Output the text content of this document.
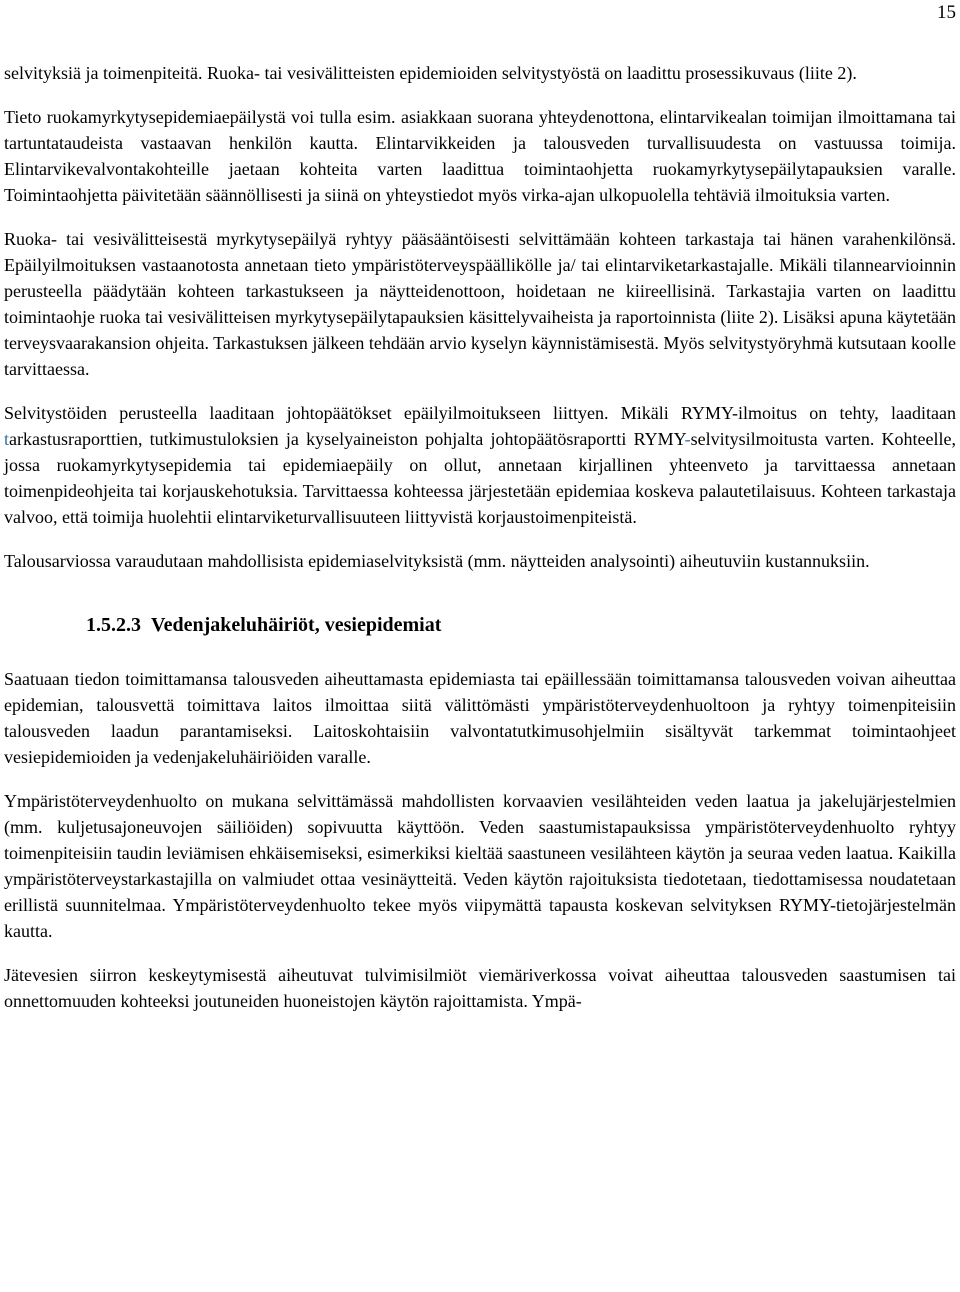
15

selvityksiä ja toimenpiteitä. Ruoka- tai vesivälitteisten epidemioiden selvitystyöstä on laadittu prosessikuvaus (liite 2).

Tieto ruokamyrkytysepidemiaepäilystä voi tulla esim. asiakkaan suorana yhteydenottona, elintarvikealan toimijan ilmoittamana tai tartuntataudeista vastaavan henkilön kautta. Elintarvikkeiden ja talousveden turvallisuudesta on vastuussa toimija. Elintarvikevalvontakohteille jaetaan kohteita varten laadittua toimintaohjetta ruokamyrkytysepäilytapauksien varalle. Toimintaohjetta päivitetään säännöllisesti ja siinä on yhteystiedot myös virka-ajan ulkopuolella tehtäviä ilmoituksia varten.

Ruoka- tai vesivälitteisestä myrkytysepäilyä ryhtyy pääsääntöisesti selvittämään kohteen tarkastaja tai hänen varahenkilönsä. Epäilyilmoituksen vastaanotosta annetaan tieto ympäristöterveyspäällikölle ja/ tai elintarviketarkastajalle. Mikäli tilannearvioinnin perusteella päädytään kohteen tarkastukseen ja näytteidenottoon, hoidetaan ne kiireellisinä. Tarkastajia varten on laadittu toimintaohje ruoka tai vesivälitteisen myrkytysepäilytapauksien käsittelyvaiheista ja raportoinnista (liite 2). Lisäksi apuna käytetään terveysvaarakansion ohjeita. Tarkastuksen jälkeen tehdään arvio kyselyn käynnistämisestä. Myös selvitystyöryhmä kutsutaan koolle tarvittaessa.

Selvitystöiden perusteella laaditaan johtopäätökset epäilyilmoitukseen liittyen. Mikäli RYMY-ilmoitus on tehty, laaditaan tarkastusraporttien, tutkimustuloksien ja kyselyaineiston pohjalta johtopäätösraportti RYMY-selvitysilmoitusta varten. Kohteelle, jossa ruokamyrkytysepidemia tai epidemiaepäily on ollut, annetaan kirjallinen yhteenveto ja tarvittaessa annetaan toimenpideohjeita tai korjauskehotuksia. Tarvittaessa kohteessa järjestetään epidemiaa koskeva palautetilaisuus. Kohteen tarkastaja valvoo, että toimija huolehtii elintarviketurvallisuuteen liittyvistä korjaustoimenpiteistä.

Talousarviossa varaudutaan mahdollisista epidemiaselvityksistä (mm. näytteiden analysointi) aiheutuviin kustannuksiin.

1.5.2.3 Vedenjakeluhäiriöt, vesiepidemiat

Saatuaan tiedon toimittamansa talousveden aiheuttamasta epidemiasta tai epäillessään toimittamansa talousveden voivan aiheuttaa epidemian, talousvettä toimittava laitos ilmoittaa siitä välittömästi ympäristöterveydenhuoltoon ja ryhtyy toimenpiteisiin talousveden laadun parantamiseksi. Laitoskohtaisiin valvontatutkimusohjelmiin sisältyvät tarkemmat toimintaohjeet vesiepidemioiden ja vedenjakeluhäiriöiden varalle.

Ympäristöterveydenhuolto on mukana selvittämässä mahdollisten korvaavien vesilähteiden veden laatua ja jakelujärjestelmien (mm. kuljetusajoneuvojen säiliöiden) sopivuutta käyttöön. Veden saastumistapauksissa ympäristöterveydenhuolto ryhtyy toimenpiteisiin taudin leviämisen ehkäisemiseksi, esimerkiksi kieltää saastuneen vesilähteen käytön ja seuraa veden laatua. Kaikilla ympäristöterveystarkastajilla on valmiudet ottaa vesinäytteitä. Veden käytön rajoituksista tiedotetaan, tiedottamisessa noudatetaan erillistä suunnitelmaa. Ympäristöterveydenhuolto tekee myös viipymättä tapausta koskevan selvityksen RYMY-tietojärjestelmän kautta.

Jätevesien siirron keskeytymisestä aiheutuvat tulvimisilmiöt viemäriverkossa voivat aiheuttaa talousveden saastumisen tai onnettomuuden kohteeksi joutuneiden huoneistojen käytön rajoittamista. Ympä-
